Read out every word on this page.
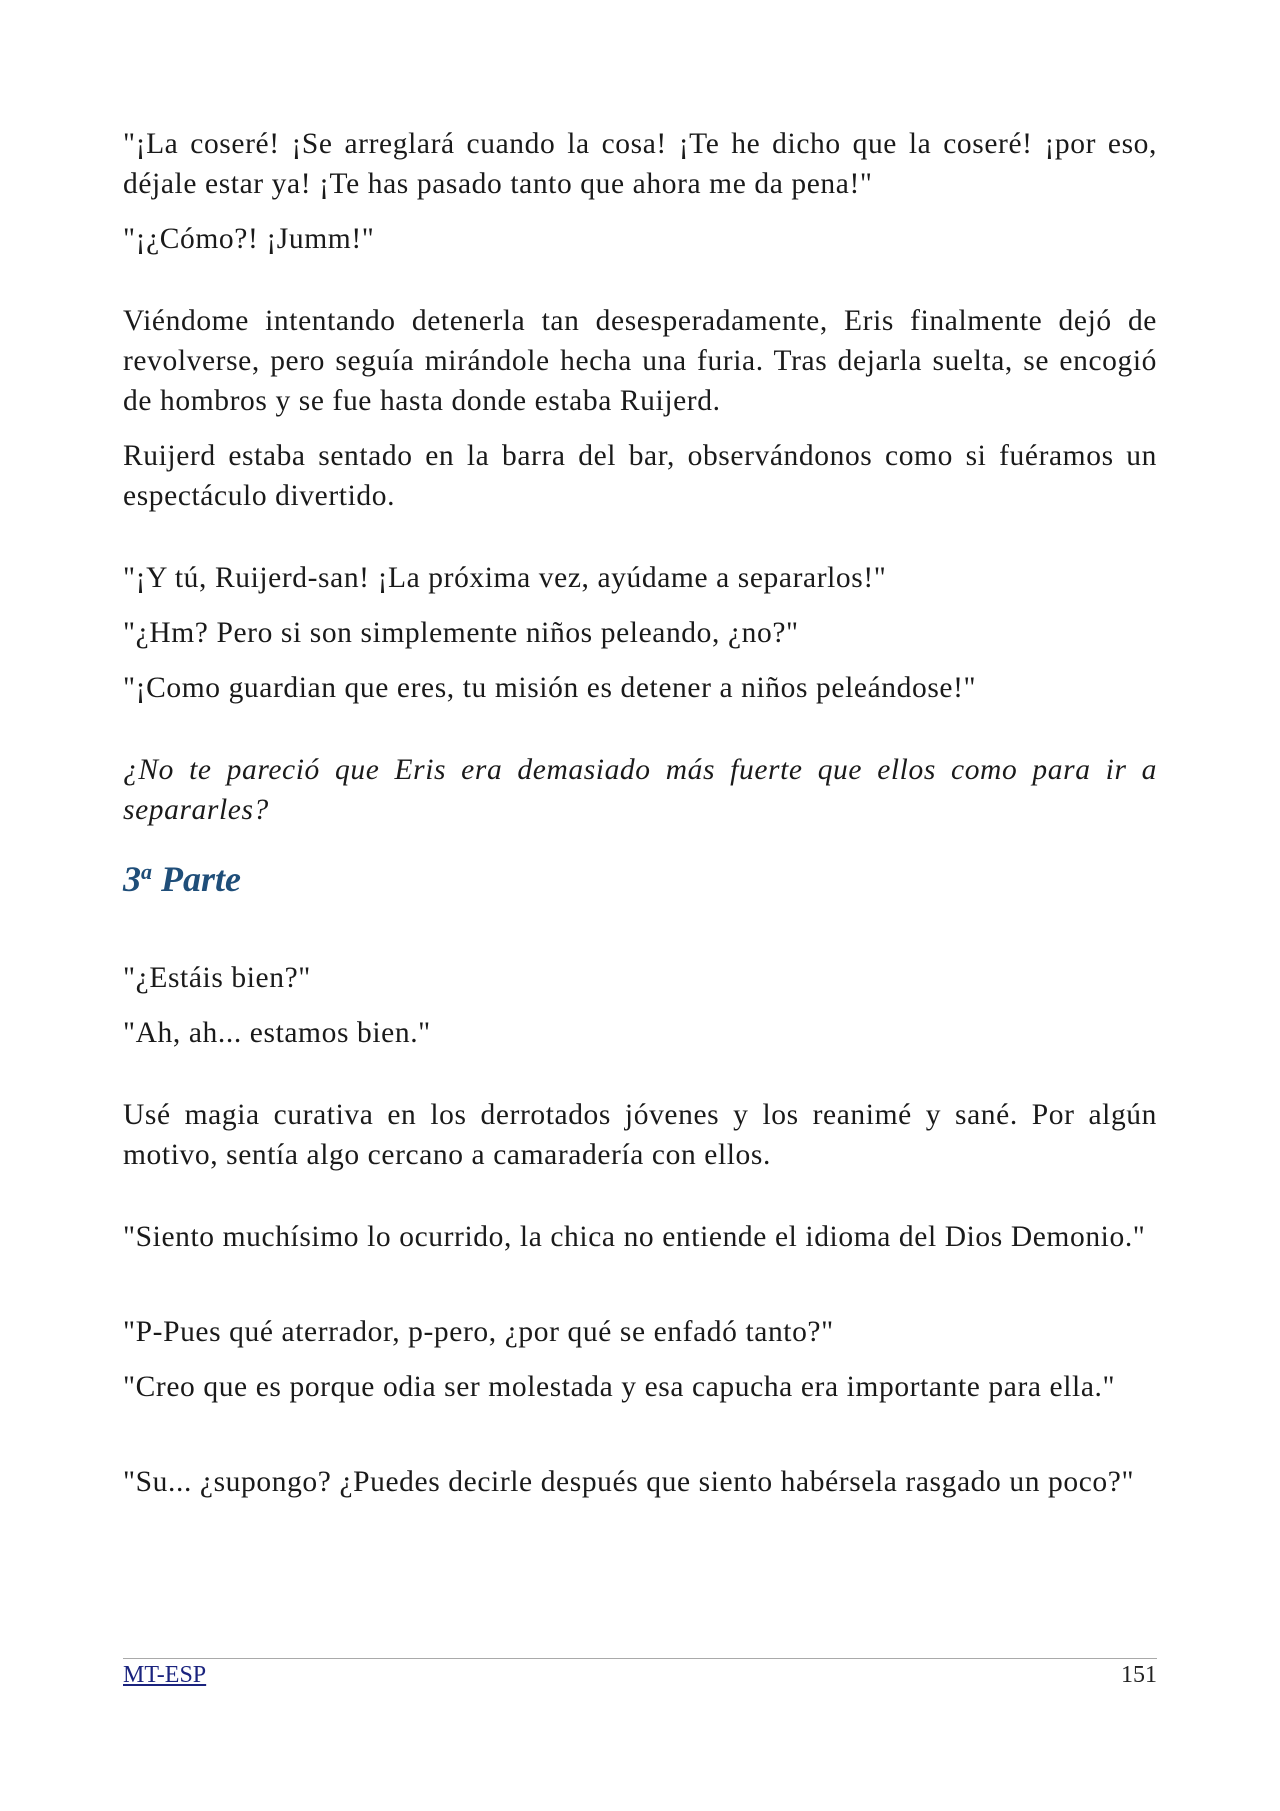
"¡La coseré! ¡Se arreglará cuando la cosa! ¡Te he dicho que la coseré! ¡por eso, déjale estar ya! ¡Te has pasado tanto que ahora me da pena!"

"¡¿Cómo?! ¡Jumm!"

Viéndome intentando detenerla tan desesperadamente, Eris finalmente dejó de revolverse, pero seguía mirándole hecha una furia. Tras dejarla suelta, se encogió de hombros y se fue hasta donde estaba Ruijerd.

Ruijerd estaba sentado en la barra del bar, observándonos como si fuéramos un espectáculo divertido.

"¡Y tú, Ruijerd-san! ¡La próxima vez, ayúdame a separarlos!"

"¿Hm? Pero si son simplemente niños peleando, ¿no?"

"¡Como guardian que eres, tu misión es detener a niños peleándose!"

¿No te pareció que Eris era demasiado más fuerte que ellos como para ir a separarles?

3$^a$ Parte

"¿Estáis bien?"

"Ah, ah... estamos bien."

Usé magia curativa en los derrotados jóvenes y los reanimé y sané. Por algún motivo, sentía algo cercano a camaradería con ellos.

"Siento muchísimo lo ocurrido, la chica no entiende el idioma del Dios Demonio."

"P-Pues qué aterrador, p-pero, ¿por qué se enfadó tanto?"

"Creo que es porque odia ser molestada y esa capucha era importante para ella."

"Su... ¿supongo? ¿Puedes decirle después que siento habérsela rasgado un poco?"

MT-ESP	151
